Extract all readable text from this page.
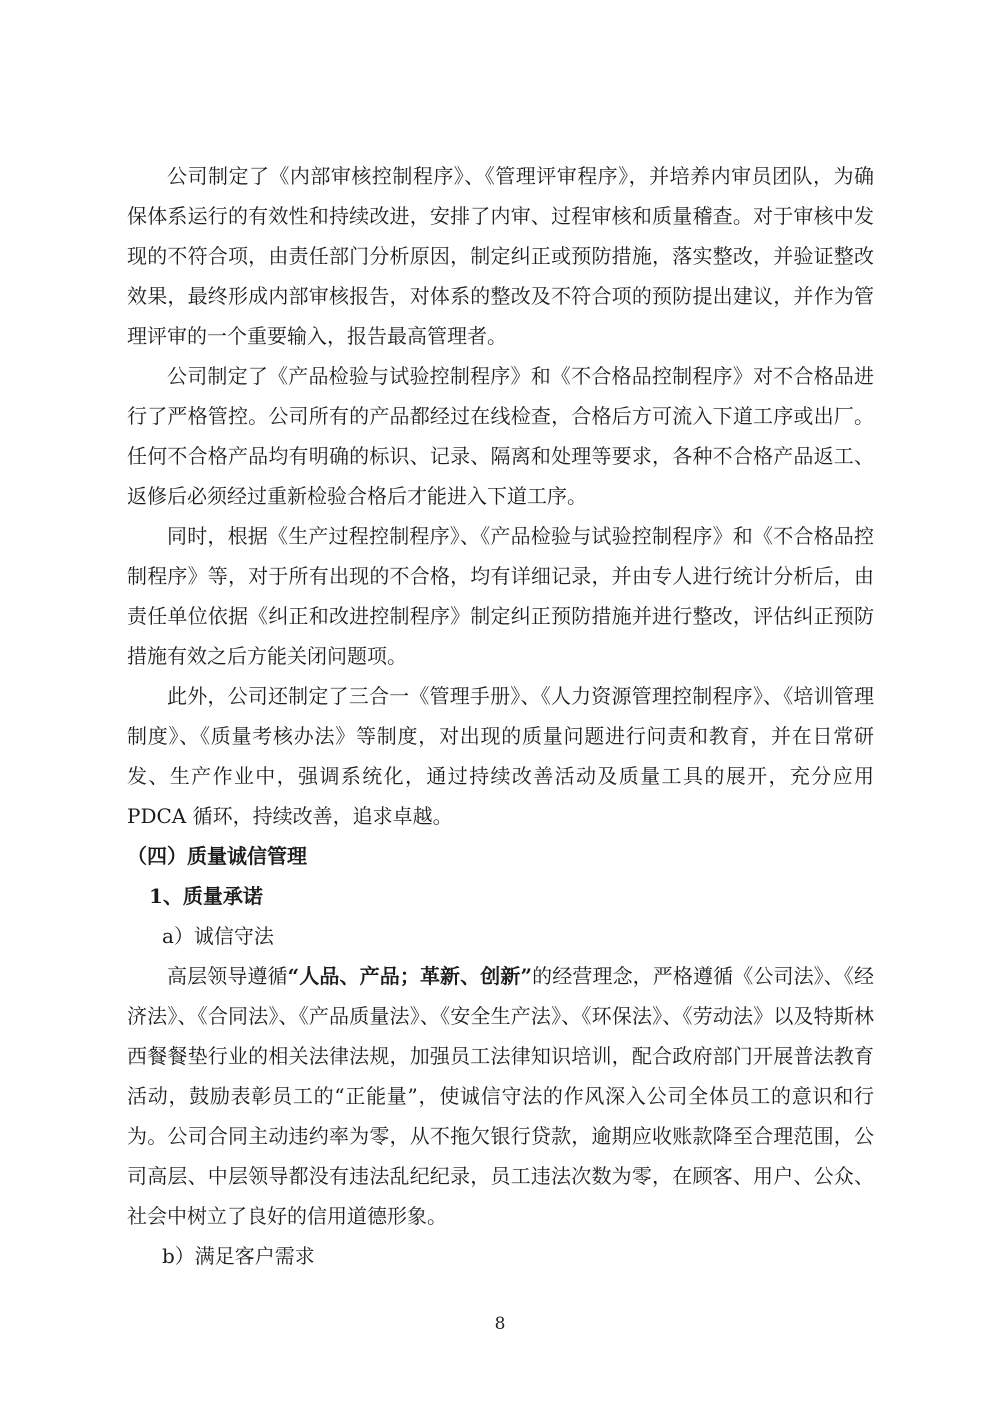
公司制定了《内部审核控制程序》、《管理评审程序》，并培养内审员团队，为确保体系运行的有效性和持续改进，安排了内审、过程审核和质量稽查。对于审核中发现的不符合项，由责任部门分析原因，制定纠正或预防措施，落实整改，并验证整改效果，最终形成内部审核报告，对体系的整改及不符合项的预防提出建议，并作为管理评审的一个重要输入，报告最高管理者。
公司制定了《产品检验与试验控制程序》和《不合格品控制程序》对不合格品进行了严格管控。公司所有的产品都经过在线检查，合格后方可流入下道工序或出厂。任何不合格产品均有明确的标识、记录、隔离和处理等要求，各种不合格产品返工、返修后必须经过重新检验合格后才能进入下道工序。
同时，根据《生产过程控制程序》、《产品检验与试验控制程序》和《不合格品控制程序》等，对于所有出现的不合格，均有详细记录，并由专人进行统计分析后，由责任单位依据《纠正和改进控制程序》制定纠正预防措施并进行整改，评估纠正预防措施有效之后方能关闭问题项。
此外，公司还制定了三合一《管理手册》、《人力资源管理控制程序》、《培训管理制度》、《质量考核办法》等制度，对出现的质量问题进行问责和教育，并在日常研发、生产作业中，强调系统化，通过持续改善活动及质量工具的展开，充分应用 PDCA 循环，持续改善，追求卓越。
（四）质量诚信管理
1、质量承诺
a）诚信守法
高层领导遵循“人品、产品；革新、创新”的经营理念，严格遵循《公司法》、《经济法》、《合同法》、《产品质量法》、《安全生产法》、《环保法》、《劳动法》以及特斯林西餐餐垫行业的相关法律法规，加强员工法律知识培训，配合政府部门开展普法教育活动，鼓励表彰员工的“正能量”，使诚信守法的作风深入公司全体员工的意识和行为。公司合同主动违约率为零，从不拖欠银行贷款，逾期应收账款降至合理范围，公司高层、中层领导都没有违法乱纪纪录，员工违法次数为零，在顾客、用户、公众、社会中树立了良好的信用道德形象。
b）满足客户需求
8
